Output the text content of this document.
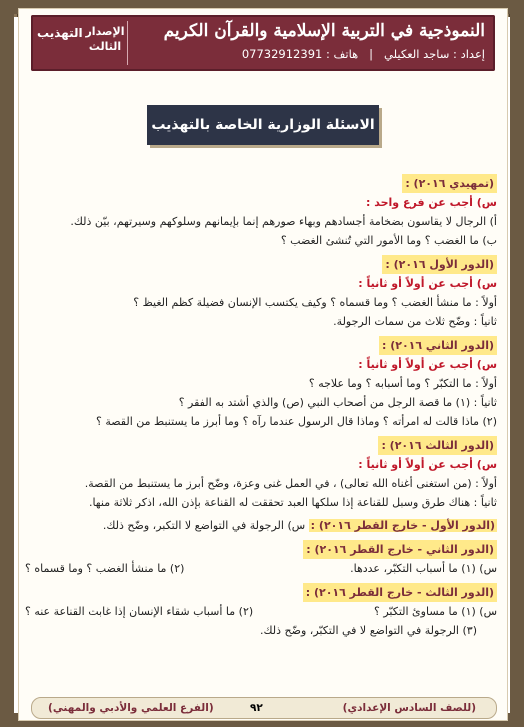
النموذجية في التربية الإسلامية والقرآن الكريم
إعداد : ساجد العكيلي   |   هاتف : 07732912391
الإصدار
الثالث
التهذيب
الاسئلة الوزارية الخاصة بالتهذيب
(تمهيدي ٢٠١٦) :
س) أجب عن فرع واحد :
أ) الرجال لا يقاسون بضخامة أجسادهم وبهاء صورهم إنما بإيمانهم وسلوكهم وسيرتهم، بيّن ذلك.
ب) ما الغضب ؟ وما الأمور التي تُنشئ الغضب ؟
(الدور الأول ٢٠١٦) :
س) أجب عن أولاً أو ثانياً :
أولاً : ما منشأ الغضب ؟ وما قسماه ؟ وكيف يكتسب الإنسان فضيلة كظم الغيظ ؟
ثانياً : وضّح ثلاث من سمات الرجولة.
(الدور الثاني ٢٠١٦) :
س) أجب عن أولاً أو ثانياً :
أولاً : ما التكبّر ؟ وما أسبابه ؟ وما علاجه ؟
ثانياً : (١) ما قصة الرجل من أصحاب النبي (ص) والذي أشتد به الفقر ؟
(٢) ماذا قالت له امرأته ؟ وماذا قال الرسول عندما رآه ؟ وما أبرز ما يستنبط من القصة ؟
(الدور الثالث ٢٠١٦) :
س) أجب عن أولاً أو ثانياً :
أولاً : (من استغنى أغناه الله تعالى) ، في العمل غنى وعزة، وضّح أبرز ما يستنبط من القصة.
ثانياً : هناك طرق وسبل للقناعة إذا سلكها العبد تحققت له القناعة بإذن الله، اذكر ثلاثة منها.
(الدور الأول - خارج القطر ٢٠١٦) : س) الرجولة في التواضع لا التكبر، وضّح ذلك.
(الدور الثاني - خارج القطر ٢٠١٦) :
س) (١) ما أسباب التكبّر، عددها.
(٢) ما منشأ الغضب ؟ وما قسماه ؟
(الدور الثالث - خارج القطر ٢٠١٦) :
س) (١) ما مساوئ التكبّر ؟
(٢) ما أسباب شقاء الإنسان إذا غابت القناعة عنه ؟
(٣) الرجولة في التواضع لا في التكبّر، وضّح ذلك.
(للصف السادس الإعدادي)
٩٢
(الفرع العلمي والأدبي والمهني)
